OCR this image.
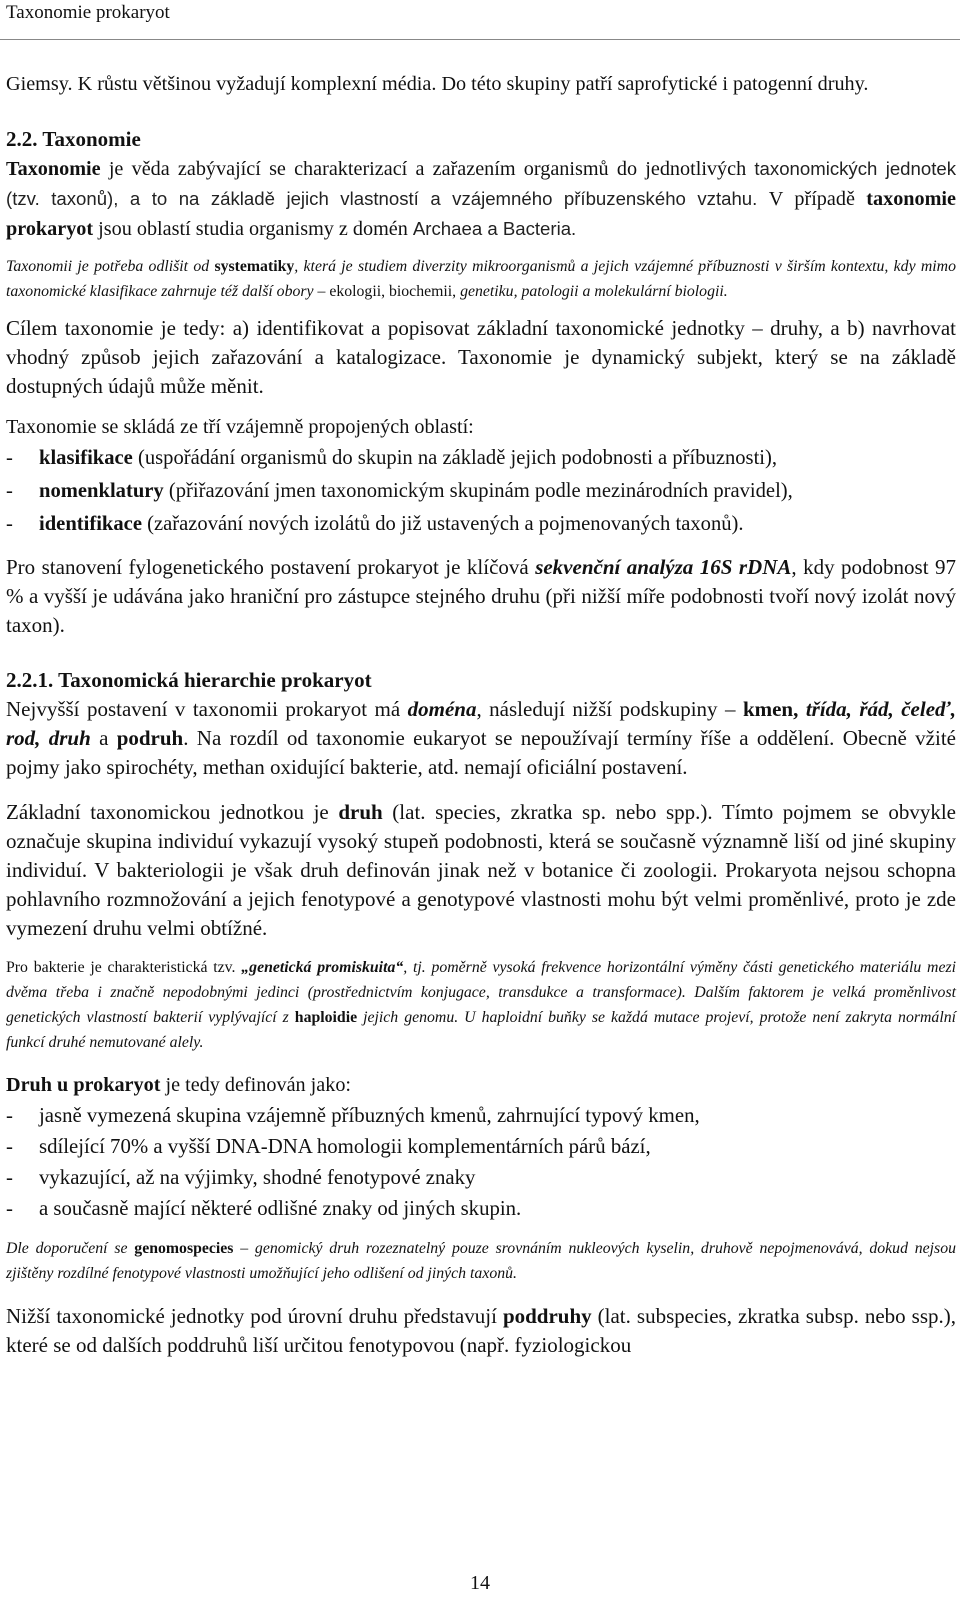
Taxonomie prokaryot

Giemsy. K růstu většinou vyžadují komplexní média. Do této skupiny patří saprofytické i patogenní druhy.

2.2. Taxonomie

Taxonomie je věda zabývající se charakterizací a zařazením organismů do jednotlivých taxonomických jednotek (tzv. taxonů), a to na základě jejich vlastností a vzájemného příbuzenského vztahu. V případě taxonomie prokaryot jsou oblastí studia organismy z domén Archaea a Bacteria.

Taxonomii je potřeba odlišit od systematiky, která je studiem diverzity mikroorganismů a jejich vzájemné příbuznosti v širším kontextu, kdy mimo taxonomické klasifikace zahrnuje též další obory – ekologii, biochemii, genetiku, patologii a molekulární biologii.

Cílem taxonomie je tedy: a) identifikovat a popisovat základní taxonomické jednotky – druhy, a b) navrhovat vhodný způsob jejich zařazování a katalogizace. Taxonomie je dynamický subjekt, který se na základě dostupných údajů může měnit.

Taxonomie se skládá ze tří vzájemně propojených oblastí:

-	klasifikace (uspořádání organismů do skupin na základě jejich podobnosti a příbuznosti),
-	nomenklatury (přiřazování jmen taxonomickým skupinám podle mezinárodních pravidel),
-	identifikace (zařazování nových izolátů do již ustavených a pojmenovaných taxonů).

Pro stanovení fylogenetického postavení prokaryot je klíčová sekvenční analýza 16S rDNA, kdy podobnost 97 % a vyšší je udávána jako hraniční pro zástupce stejného druhu (při nižší míře podobnosti tvoří nový izolát nový taxon).

2.2.1. Taxonomická hierarchie prokaryot

Nejvyšší postavení v taxonomii prokaryot má doména, následují nižší podskupiny – kmen, třída, řád, čeleď, rod, druh a podruh. Na rozdíl od taxonomie eukaryot se nepoužívají termíny říše a oddělení. Obecně vžité pojmy jako spirochéty, methan oxidující bakterie, atd. nemají oficiální postavení.

Základní taxonomickou jednotkou je druh (lat. species, zkratka sp. nebo spp.). Tímto pojmem se obvykle označuje skupina individuí vykazují vysoký stupeň podobnosti, která se současně významně liší od jiné skupiny individuí. V bakteriologii je však druh definován jinak než v botanice či zoologii. Prokaryota nejsou schopna pohlavního rozmnožování a jejich fenotypové a genotypové vlastnosti mohu být velmi proměnlivé, proto je zde vymezení druhu velmi obtížné.

Pro bakterie je charakteristická tzv. „genetická promiskuita“, tj. poměrně vysoká frekvence horizontální výměny části genetického materiálu mezi dvěma třeba i značně nepodobnými jedinci (prostřednictvím konjugace, transdukce a transformace). Dalším faktorem je velká proměnlivost genetických vlastností bakterií vyplývající z haploidie jejich genomu. U haploidní buňky se každá mutace projeví, protože není zakryta normální funkcí druhé nemutované alely.

Druh u prokaryot je tedy definován jako:

-	jasně vymezená skupina vzájemně příbuzných kmenů, zahrnující typový kmen,
-	sdílející 70% a vyšší DNA-DNA homologii komplementárních párů bází,
-	vykazující, až na výjimky, shodné fenotypové znaky
-	a současně mající některé odlišné znaky od jiných skupin.

Dle doporučení se genomospecies – genomický druh rozeznatelný pouze srovnáním nukleových kyselin, druhově nepojmenovává, dokud nejsou zjištěny rozdílné fenotypové vlastnosti umožňující jeho odlišení od jiných taxonů.

Nižší taxonomické jednotky pod úrovní druhu představují poddruhy (lat. subspecies, zkratka subsp. nebo ssp.), které se od dalších poddruhů liší určitou fenotypovou (např. fyziologickou

14
